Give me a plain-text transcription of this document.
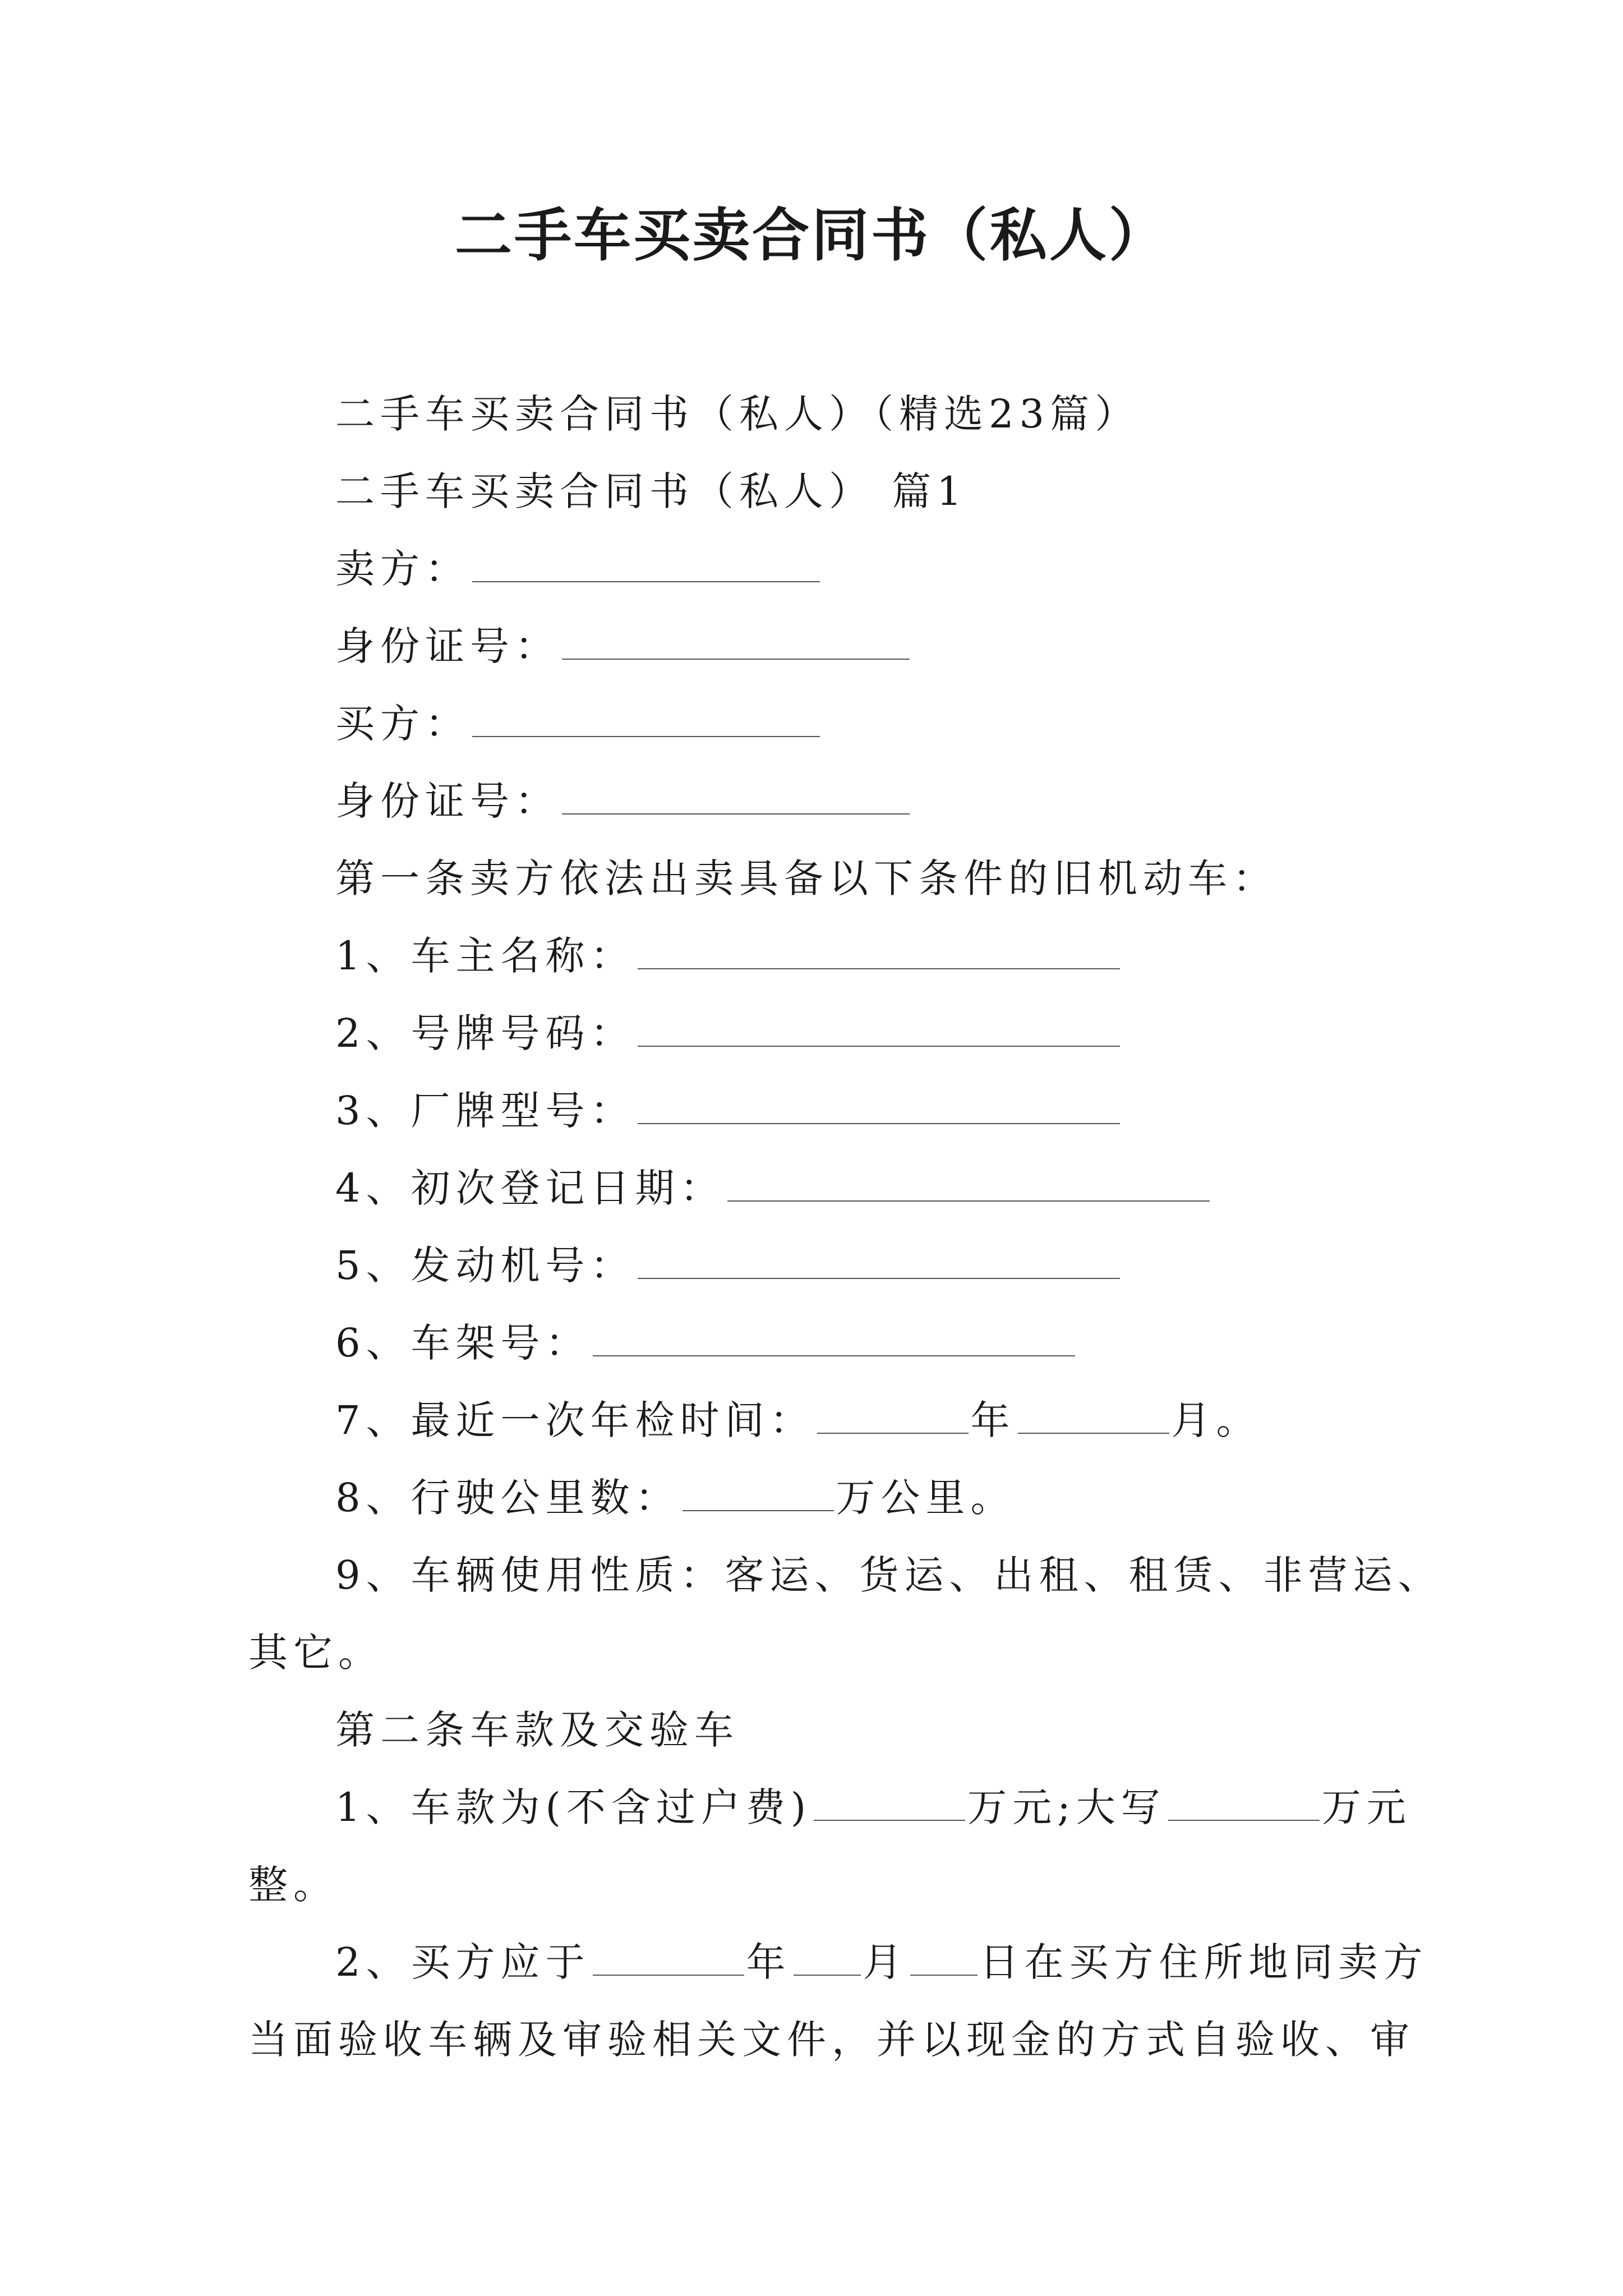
二手车买卖合同书（私人）
二手车买卖合同书（私人）（精选23篇）
二手车买卖合同书（私人） 篇1
卖方：
身份证号：
买方：
身份证号：
第一条卖方依法出卖具备以下条件的旧机动车：
1、车主名称：
2、号牌号码：
3、厂牌型号：
4、初次登记日期：
5、发动机号：
6、车架号：
7、最近一次年检时间：	年	月。
8、行驶公里数：	万公里。
9、车辆使用性质：客运、货运、出租、租赁、非营运、
其它。
第二条车款及交验车
1、车款为(不含过户费)	万元;大写	万元
整。
2、买方应于	年 月 日在买方住所地同卖方
当面验收车辆及审验相关文件，并以现金的方式自验收、审
